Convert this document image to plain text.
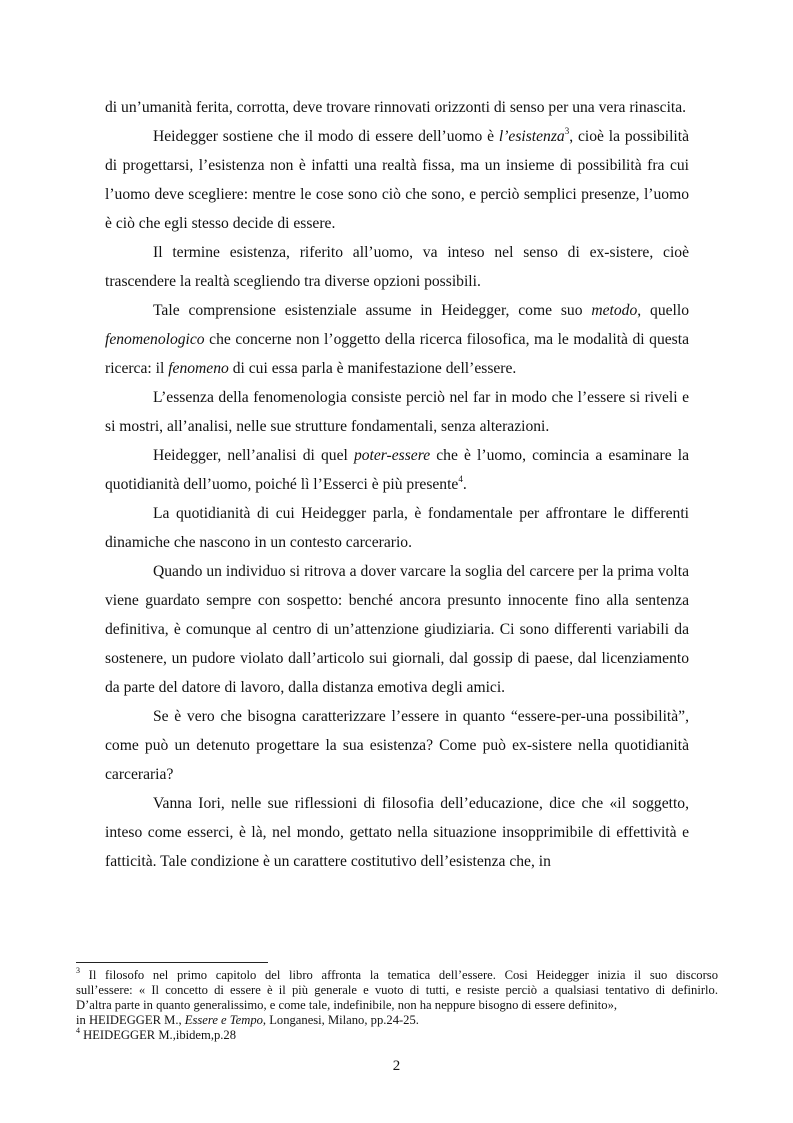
di un’umanità ferita, corrotta, deve trovare rinnovati orizzonti di senso per una vera rinascita.

Heidegger sostiene che il modo di essere dell’uomo è l’esistenza$^3$, cioè la possibilità di progettarsi, l’esistenza non è infatti una realtà fissa, ma un insieme di possibilità fra cui l’uomo deve scegliere: mentre le cose sono ciò che sono, e perciò semplici presenze, l’uomo è ciò che egli stesso decide di essere.

Il termine esistenza, riferito all’uomo, va inteso nel senso di ex-sistere, cioè trascendere la realtà scegliendo tra diverse opzioni possibili.

Tale comprensione esistenziale assume in Heidegger, come suo metodo, quello fenomenologico che concerne non l’oggetto della ricerca filosofica, ma le modalità di questa ricerca: il fenomeno di cui essa parla è manifestazione dell’essere.

L’essenza della fenomenologia consiste perciò nel far in modo che l’essere si riveli e si mostri, all’analisi, nelle sue strutture fondamentali, senza alterazioni.

Heidegger, nell’analisi di quel poter-essere che è l’uomo, comincia a esaminare la quotidianità dell’uomo, poiché lì l’Esserci è più presente$^4$.

La quotidianità di cui Heidegger parla, è fondamentale per affrontare le differenti dinamiche che nascono in un contesto carcerario.

Quando un individuo si ritrova a dover varcare la soglia del carcere per la prima volta viene guardato sempre con sospetto: benché ancora presunto innocente fino alla sentenza definitiva, è comunque al centro di un’attenzione giudiziaria. Ci sono differenti variabili da sostenere, un pudore violato dall’articolo sui giornali, dal gossip di paese, dal licenziamento da parte del datore di lavoro, dalla distanza emotiva degli amici.

Se è vero che bisogna caratterizzare l’essere in quanto “essere-per-una possibilità”, come può un detenuto progettare la sua esistenza? Come può ex-sistere nella quotidianità carceraria?

Vanna Iori, nelle sue riflessioni di filosofia dell’educazione, dice che «il soggetto, inteso come esserci, è là, nel mondo, gettato nella situazione insopprimibile di effettività e fatticità. Tale condizione è un carattere costitutivo dell’esistenza che, in

$^3$ Il filosofo nel primo capitolo del libro affronta la tematica dell’essere. Cosi Heidegger inizia il suo discorso
sull’essere: « Il concetto di essere è il più generale e vuoto di tutti, e resiste perciò a qualsiasi tentativo di definirlo.
D’altra parte in quanto generalissimo, e come tale, indefinibile, non ha neppure bisogno di essere definito»,
in HEIDEGGER M., Essere e Tempo, Longanesi, Milano, pp.24-25.
$^4$ HEIDEGGER M.,ibidem,p.28
2
